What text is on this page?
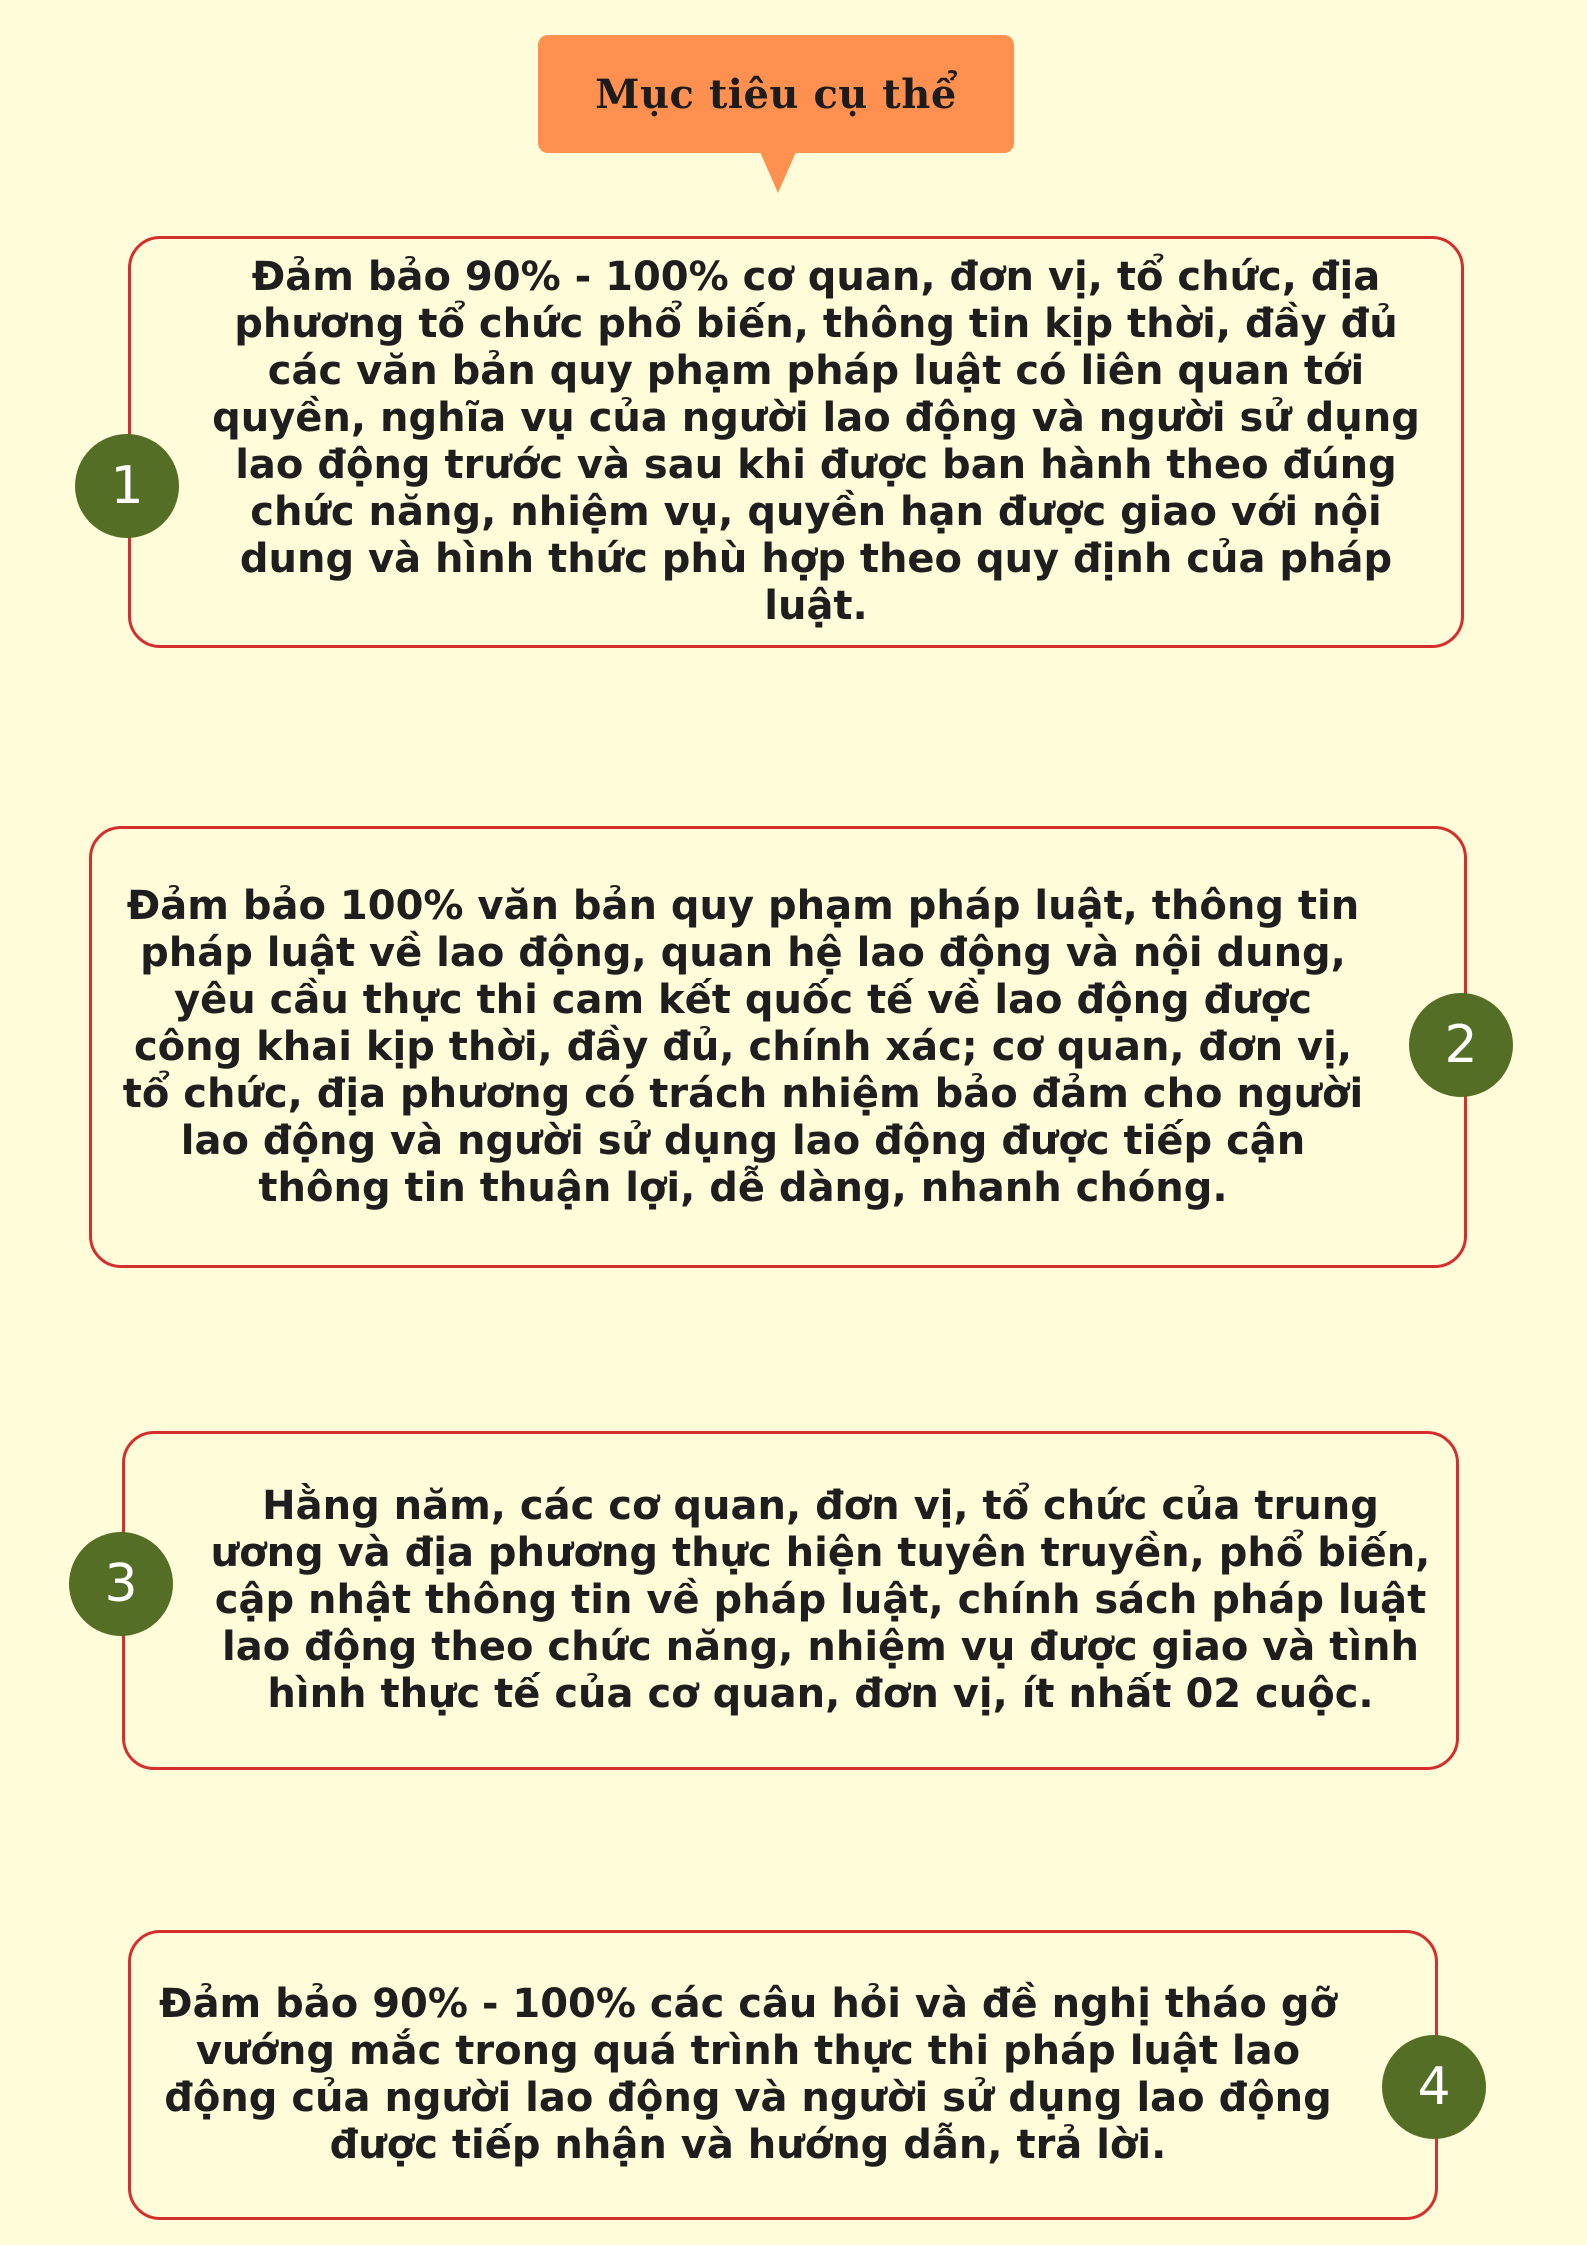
Mục tiêu cụ thể

Đảm bảo 90% - 100% cơ quan, đơn vị, tổ chức, địa phương tổ chức phổ biến, thông tin kịp thời, đầy đủ các văn bản quy phạm pháp luật có liên quan tới quyền, nghĩa vụ của người lao động và người sử dụng lao động trước và sau khi được ban hành theo đúng chức năng, nhiệm vụ, quyền hạn được giao với nội dung và hình thức phù hợp theo quy định của pháp luật.

1

Đảm bảo 100% văn bản quy phạm pháp luật, thông tin pháp luật về lao động, quan hệ lao động và nội dung, yêu cầu thực thi cam kết quốc tế về lao động được công khai kịp thời, đầy đủ, chính xác; cơ quan, đơn vị, tổ chức, địa phương có trách nhiệm bảo đảm cho người lao động và người sử dụng lao động được tiếp cận thông tin thuận lợi, dễ dàng, nhanh chóng.

2

Hằng năm, các cơ quan, đơn vị, tổ chức của trung ương và địa phương thực hiện tuyên truyền, phổ biến, cập nhật thông tin về pháp luật, chính sách pháp luật lao động theo chức năng, nhiệm vụ được giao và tình hình thực tế của cơ quan, đơn vị, ít nhất 02 cuộc.

3

Đảm bảo 90% - 100% các câu hỏi và đề nghị tháo gỡ vướng mắc trong quá trình thực thi pháp luật lao động của người lao động và người sử dụng lao động được tiếp nhận và hướng dẫn, trả lời.

4
